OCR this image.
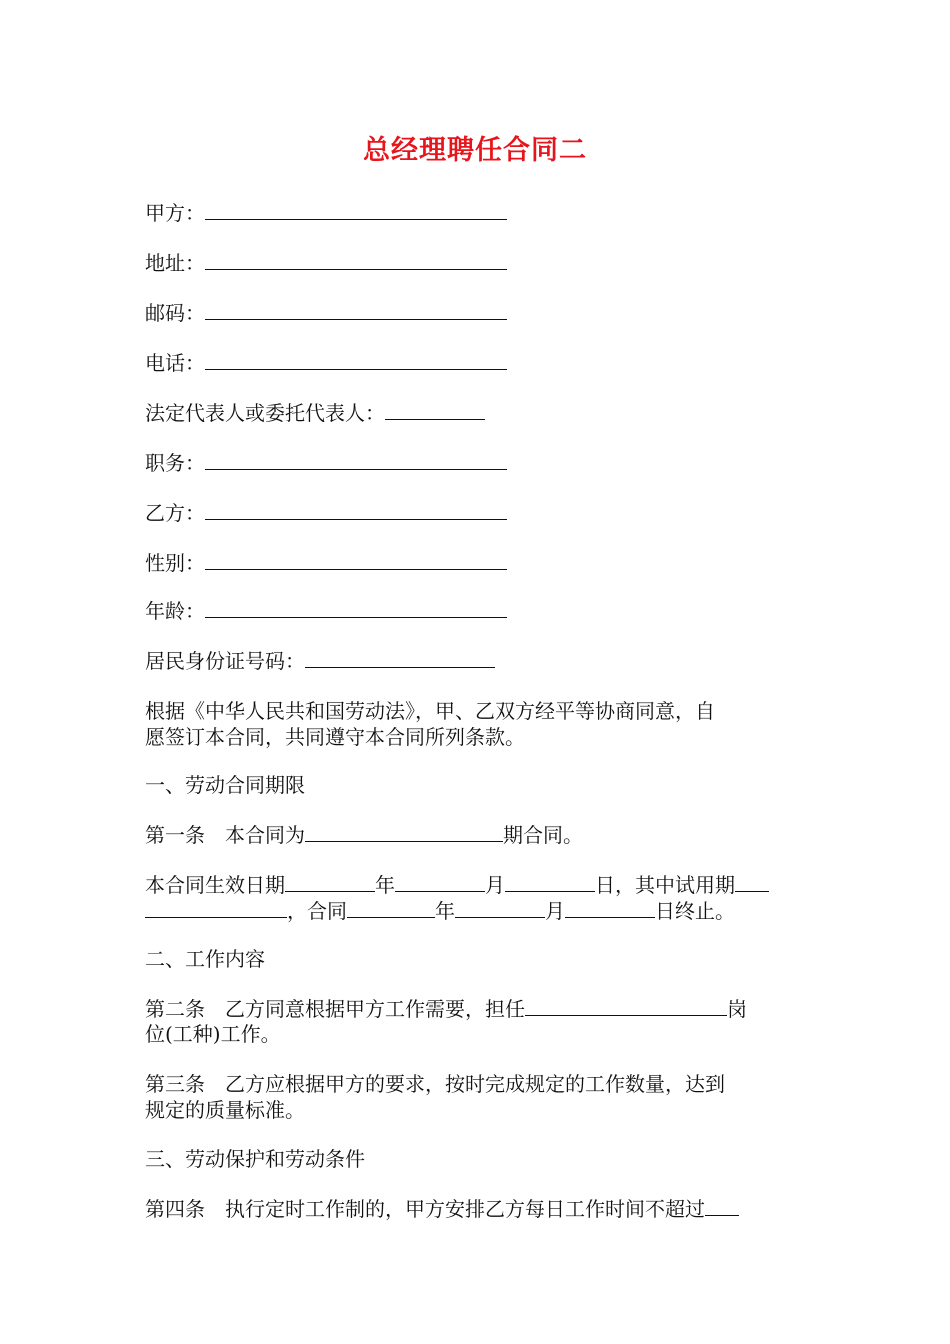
总经理聘任合同二
甲方：
地址：
邮码：
电话：
法定代表人或委托代表人：
职务：
乙方：
性别：
年龄：
居民身份证号码：
根据《中华人民共和国劳动法》，甲、乙双方经平等协商同意，自
愿签订本合同，共同遵守本合同所列条款。
一、劳动合同期限
第一条　本合同为	期合同。
本合同生效日期	年	月	日，其中试用期
，合同	年	月	日终止。
二、工作内容
第二条　乙方同意根据甲方工作需要，担任	岗
位(工种)工作。
第三条　乙方应根据甲方的要求，按时完成规定的工作数量，达到
规定的质量标准。
三、劳动保护和劳动条件
第四条　执行定时工作制的，甲方安排乙方每日工作时间不超过
